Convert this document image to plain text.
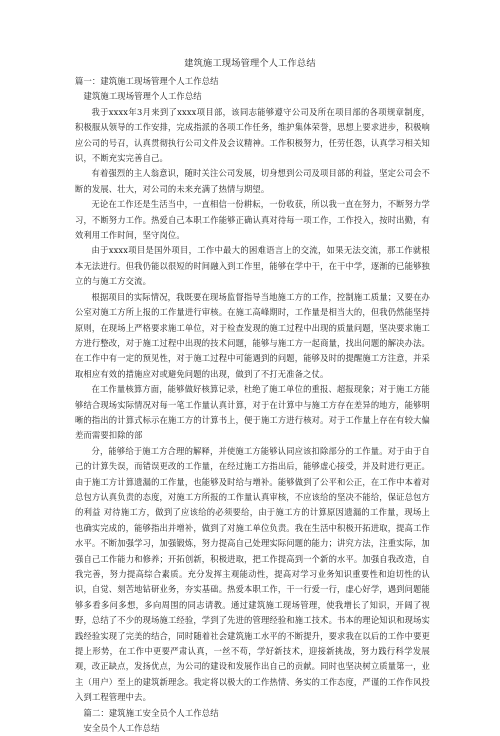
建筑施工现场管理个人工作总结

篇一：建筑施工现场管理个人工作总结

建筑施工现场管理个人工作总结

我于xxxx年3月来到了xxxx项目部，该同志能够遵守公司及所在项目部的各项规章制度，积极服从领导的工作安排，完成指派的各项工作任务，维护集体荣誉，思想上要求进步，积极响应公司的号召，认真贯彻执行公司文件及会议精神。工作积极努力，任劳任怨，认真学习相关知识，不断充实完善自己。

有着强烈的主人翁意识，随时关注公司发展，切身想到公司及项目部的利益，坚定公司会不断的发展、壮大，对公司的未来充满了热情与期望。

无论在工作还是生活当中，一直相信一份耕耘，一份收获，所以我一直在努力，不断努力学习，不断努力工作。热爱自己本职工作能够正确认真对待每一项工作，工作投入，按时出勤，有效利用工作时间，坚守岗位。

由于xxxx项目是国外项目，工作中最大的困难语言上的交流，如果无法交流，那工作就根本无法进行。但我仍能以很短的时间融入到工作里，能够在学中干，在干中学，逐渐的已能够独立的与施工方交流。

根据项目的实际情况，我既要在现场监督指导当地施工方的工作，控制施工质量；又要在办公室对施工方所上报的工作量进行审核。在施工高峰期时，工作量是相当大的，但我仍然能坚持原则，在现场上严格要求施工单位，对于检查发现的施工过程中出现的质量问题，坚决要求施工方进行整改，对于施工过程中出现的技术问题，能够与施工方一起商量，找出问题的解决办法。在工作中有一定的预见性，对于施工过程中可能遇到的问题，能够及时的提醒施工方注意，并采取相应有效的措施应对或避免问题的出现，做到了不打无准备之仗。

在工作量核算方面，能够做好核算记录，杜绝了施工单位的重报、超报现象；对于施工方能够结合现场实际情况对每一笔工作量认真计算，对于在计算中与施工方存在差异的地方，能够明晰的指出的计算式标示在施工方的计算书上，便于施工方进行核对。对于工作量上存在有较大偏差而需要扣除的部

分，能够给于施工方合理的解释，并使施工方能够认同应该扣除部分的工作量。对于由于自己的计算失误，而错误更改的工作量，在经过施工方指出后，能够虚心接受，并及时进行更正。由于施工方计算遗漏的工作量，也能够及时给与增补。能够做到了公平和公正，在工作中本着对总包方认真负责的态度，对施工方所报的工作量认真审核，不应该给的坚决不能给，保证总包方的利益 对待施工方，做到了应该给的必须要给，由于施工方的计算原因遗漏的工作量，现场上也确实完成的，能够指出并增补，做到了对施工单位负责。我在生活中积极开拓进取，提高工作水平。不断加强学习，加强锻炼，努力提高自己处理实际问题的能力；讲究方法，注重实际，加强自己工作能力和修养；开拓创新，积极进取，把工作提高到一个新的水平。加强自我改造，自我完善，努力提高综合素质。充分发挥主观能动性，提高对学习业务知识重要性和迫切性的认识，自觉、刻苦地钻研业务，夯实基础。热爱本职工作，干一行爱一行，虚心好学，遇到问题能够多看多问多想，多向周围的同志请教。通过建筑施工现场管理，使我增长了知识，开阔了视野，总结了不少的现场施工经验，学到了先进的管理经验和施工技术。书本的理论知识和现场实践经验实现了完美的结合，同时随着社会建筑施工水平的不断提升，要求我在以后的工作中要更提上形势，在工作中更要严肃认真，一丝不苟，学好新技术，迎接新挑战，努力践行科学发展观，改正缺点，发扬优点，为公司的建设和发展作出自己的贡献。同时也坚决树立质量第一，业主（用户）至上的建筑新理念。我定将以极大的工作热情、务实的工作态度，严谨的工作作风投入到工程管理中去。

篇二：建筑施工安全员个人工作总结

安全员个人工作总结
